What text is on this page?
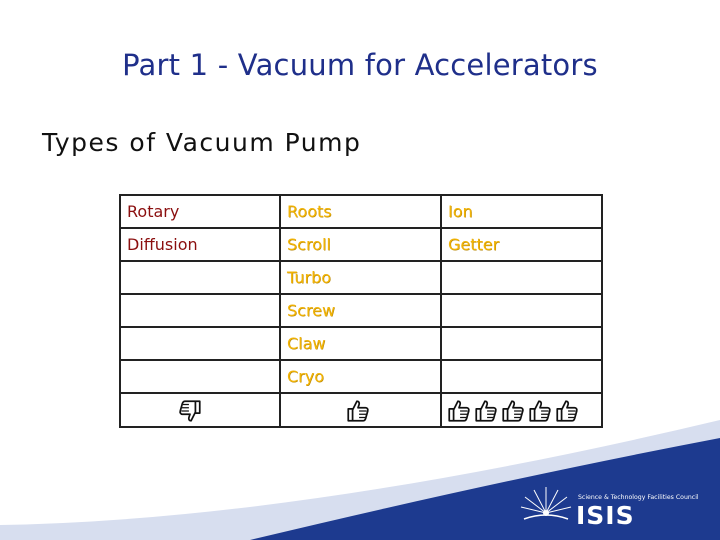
Part 1 - Vacuum for Accelerators
Types of Vacuum Pump
Rotary	Roots	Ion
Diffusion	Scroll	Getter
	Turbo	
	Screw	
	Claw	
	Cryo	

Science & Technology Facilities Council
ISIS
